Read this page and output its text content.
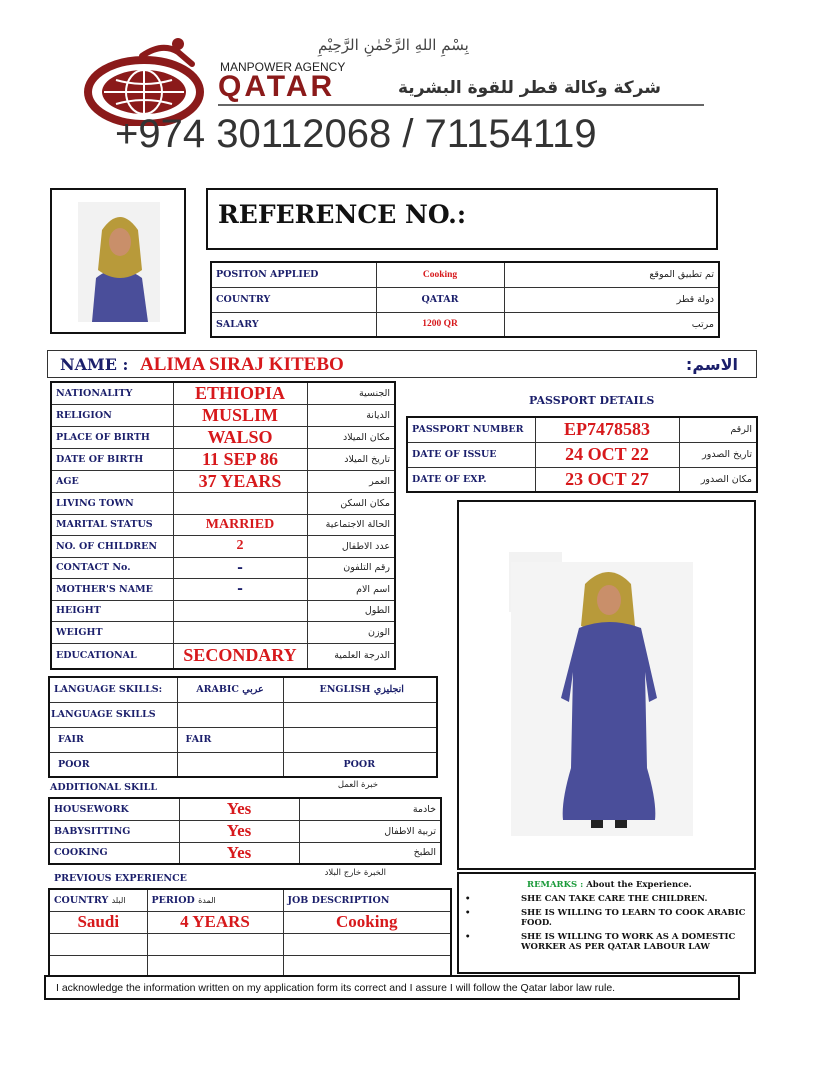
بِسْمِ اللهِ الرَّحْمٰنِ الرَّحِيْمِ
MANPOWER AGENCY
QATAR	شركة وكالة قطر للقوة البشرية
+974 30112068 / 71154119
REFERENCE NO.:
POSITON APPLIED	Cooking	تم تطبيق الموقع
COUNTRY	QATAR	دولة قطر
SALARY	1200 QR	مرتب
NAME : ALIMA SIRAJ KITEBO	الاسم:
NATIONALITY	ETHIOPIA	الجنسية
RELIGION	MUSLIM	الديانة
PLACE OF BIRTH	WALSO	مكان الميلاد
DATE OF BIRTH	11 SEP 86	تاريخ الميلاد
AGE	37 YEARS	العمر
LIVING TOWN		مكان السكن
MARITAL STATUS	MARRIED	الحالة الاجتماعية
NO. OF CHILDREN	2	عدد الاطفال
CONTACT No.	-	رقم التلفون
MOTHER'S NAME	-	اسم الام
HEIGHT		الطول
WEIGHT		الوزن
EDUCATIONAL	SECONDARY	الدرجة العلمية
PASSPORT DETAILS
PASSPORT NUMBER	EP7478583	الرقم
DATE OF ISSUE	24 OCT 22	تاريخ الصدور
DATE OF EXP.	23 OCT 27	مكان الصدور
LANGUAGE SKILLS:	ARABIC عربي	ENGLISH انجليزي
LANGUAGE SKILLS		
FAIR	FAIR	
POOR		POOR
ADDITIONAL SKILL	خبرة العمل
HOUSEWORK	Yes	خادمة
BABYSITTING	Yes	تربية الاطفال
COOKING	Yes	الطبخ
PREVIOUS EXPERIENCE	الخبرة خارج البلاد
COUNTRY البلد	PERIOD المدة	JOB DESCRIPTION
Saudi	4 YEARS	Cooking

REMARKS : About the Experience.
•	SHE CAN TAKE CARE THE CHILDREN.
•	SHE IS WILLING TO LEARN TO COOK ARABIC FOOD.
•	SHE IS WILLING TO WORK AS A DOMESTIC WORKER AS PER QATAR LABOUR LAW
I acknowledge the information written on my application form its correct and I assure I will follow the Qatar labor law rule.
